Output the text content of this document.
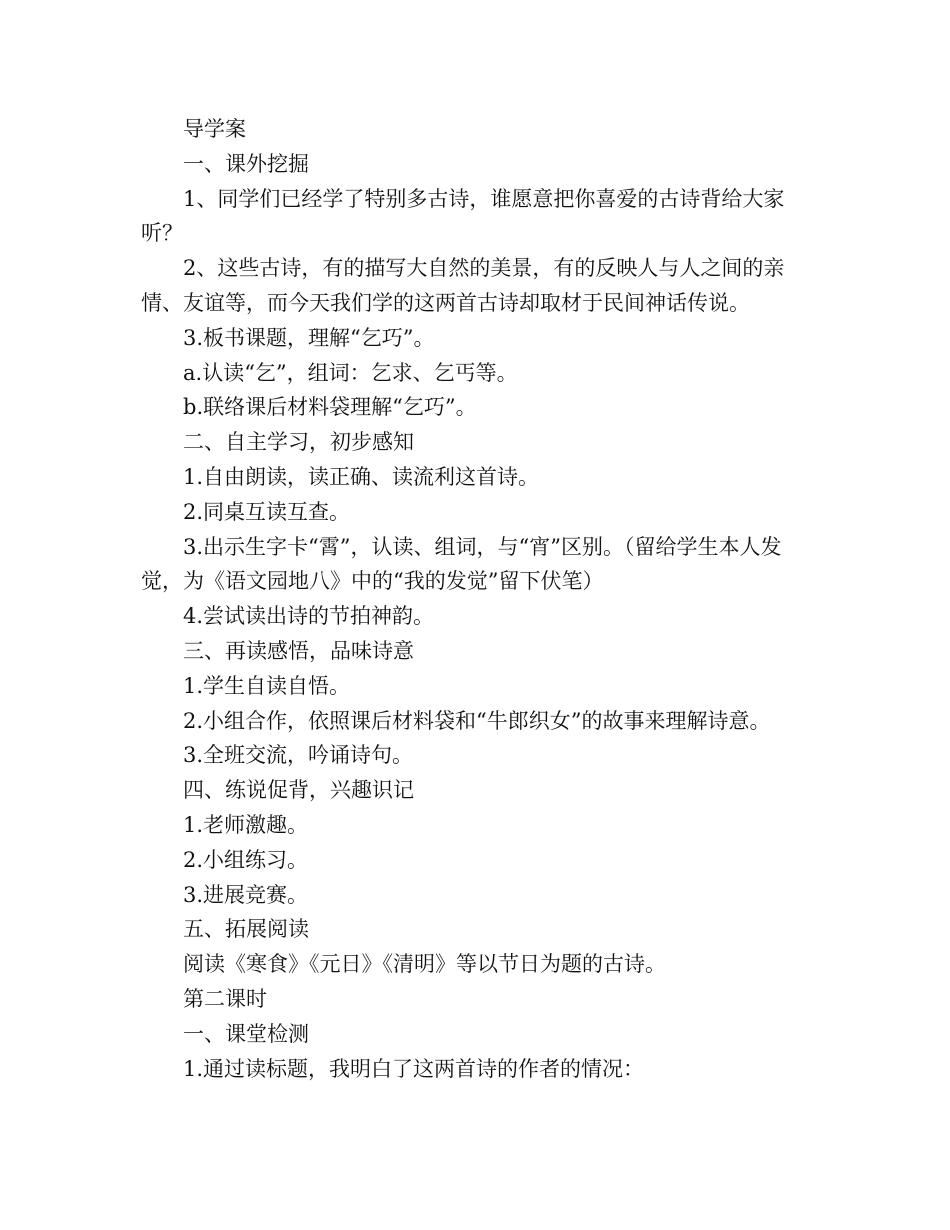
导学案

一、课外挖掘

1、同学们已经学了特别多古诗，谁愿意把你喜爱的古诗背给大家听？

2、这些古诗，有的描写大自然的美景，有的反映人与人之间的亲情、友谊等，而今天我们学的这两首古诗却取材于民间神话传说。

3.板书课题，理解“乞巧”。

a.认读“乞”，组词：乞求、乞丐等。

b.联络课后材料袋理解“乞巧”。

二、自主学习，初步感知

1.自由朗读，读正确、读流利这首诗。

2.同桌互读互查。

3.出示生字卡“霄”，认读、组词，与“宵”区别。（留给学生本人发觉，为《语文园地八》中的“我的发觉”留下伏笔）

4.尝试读出诗的节拍神韵。

三、再读感悟，品味诗意

1.学生自读自悟。

2.小组合作，依照课后材料袋和“牛郎织女”的故事来理解诗意。

3.全班交流，吟诵诗句。

四、练说促背，兴趣识记

1.老师激趣。

2.小组练习。

3.进展竞赛。

五、拓展阅读

阅读《寒食》《元日》《清明》等以节日为题的古诗。

第二课时

一、课堂检测

1.通过读标题，我明白了这两首诗的作者的情况：
